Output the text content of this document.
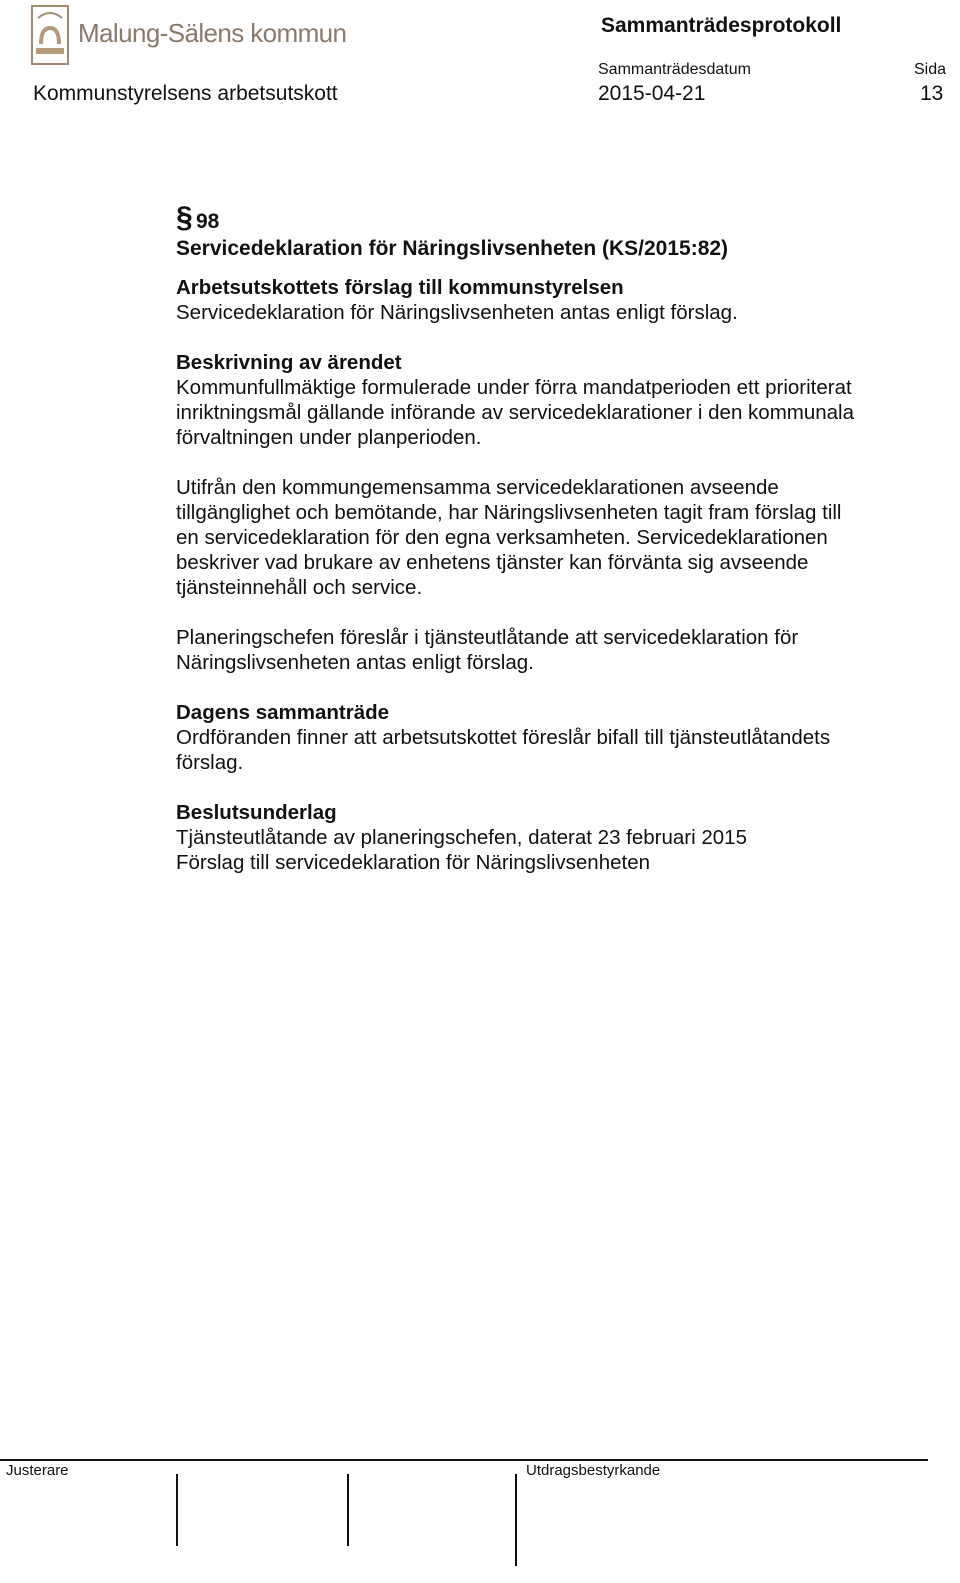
Malung-Sälens kommun	Sammanträdesprotokoll
Kommunstyrelsens arbetsutskott
Sammanträdesdatum
2015-04-21
Sida
13
§ 98
Servicedeklaration för Näringslivsenheten (KS/2015:82)
Arbetsutskottets förslag till kommunstyrelsen
Servicedeklaration för Näringslivsenheten antas enligt förslag.
Beskrivning av ärendet
Kommunfullmäktige formulerade under förra mandatperioden ett prioriterat
inriktningsmål gällande införande av servicedeklarationer i den kommunala
förvaltningen under planperioden.
Utifrån den kommungemensamma servicedeklarationen avseende
tillgänglighet och bemötande, har Näringslivsenheten tagit fram förslag till
en servicedeklaration för den egna verksamheten. Servicedeklarationen
beskriver vad brukare av enhetens tjänster kan förvänta sig avseende
tjänsteinnehåll och service.
Planeringschefen föreslår i tjänsteutlåtande att servicedeklaration för
Näringslivsenheten antas enligt förslag.
Dagens sammanträde
Ordföranden finner att arbetsutskottet föreslår bifall till tjänsteutlåtandets
förslag.
Beslutsunderlag
Tjänsteutlåtande av planeringschefen, daterat 23 februari 2015
Förslag till servicedeklaration för Näringslivsenheten
Justerare	Utdragsbestyrkande
